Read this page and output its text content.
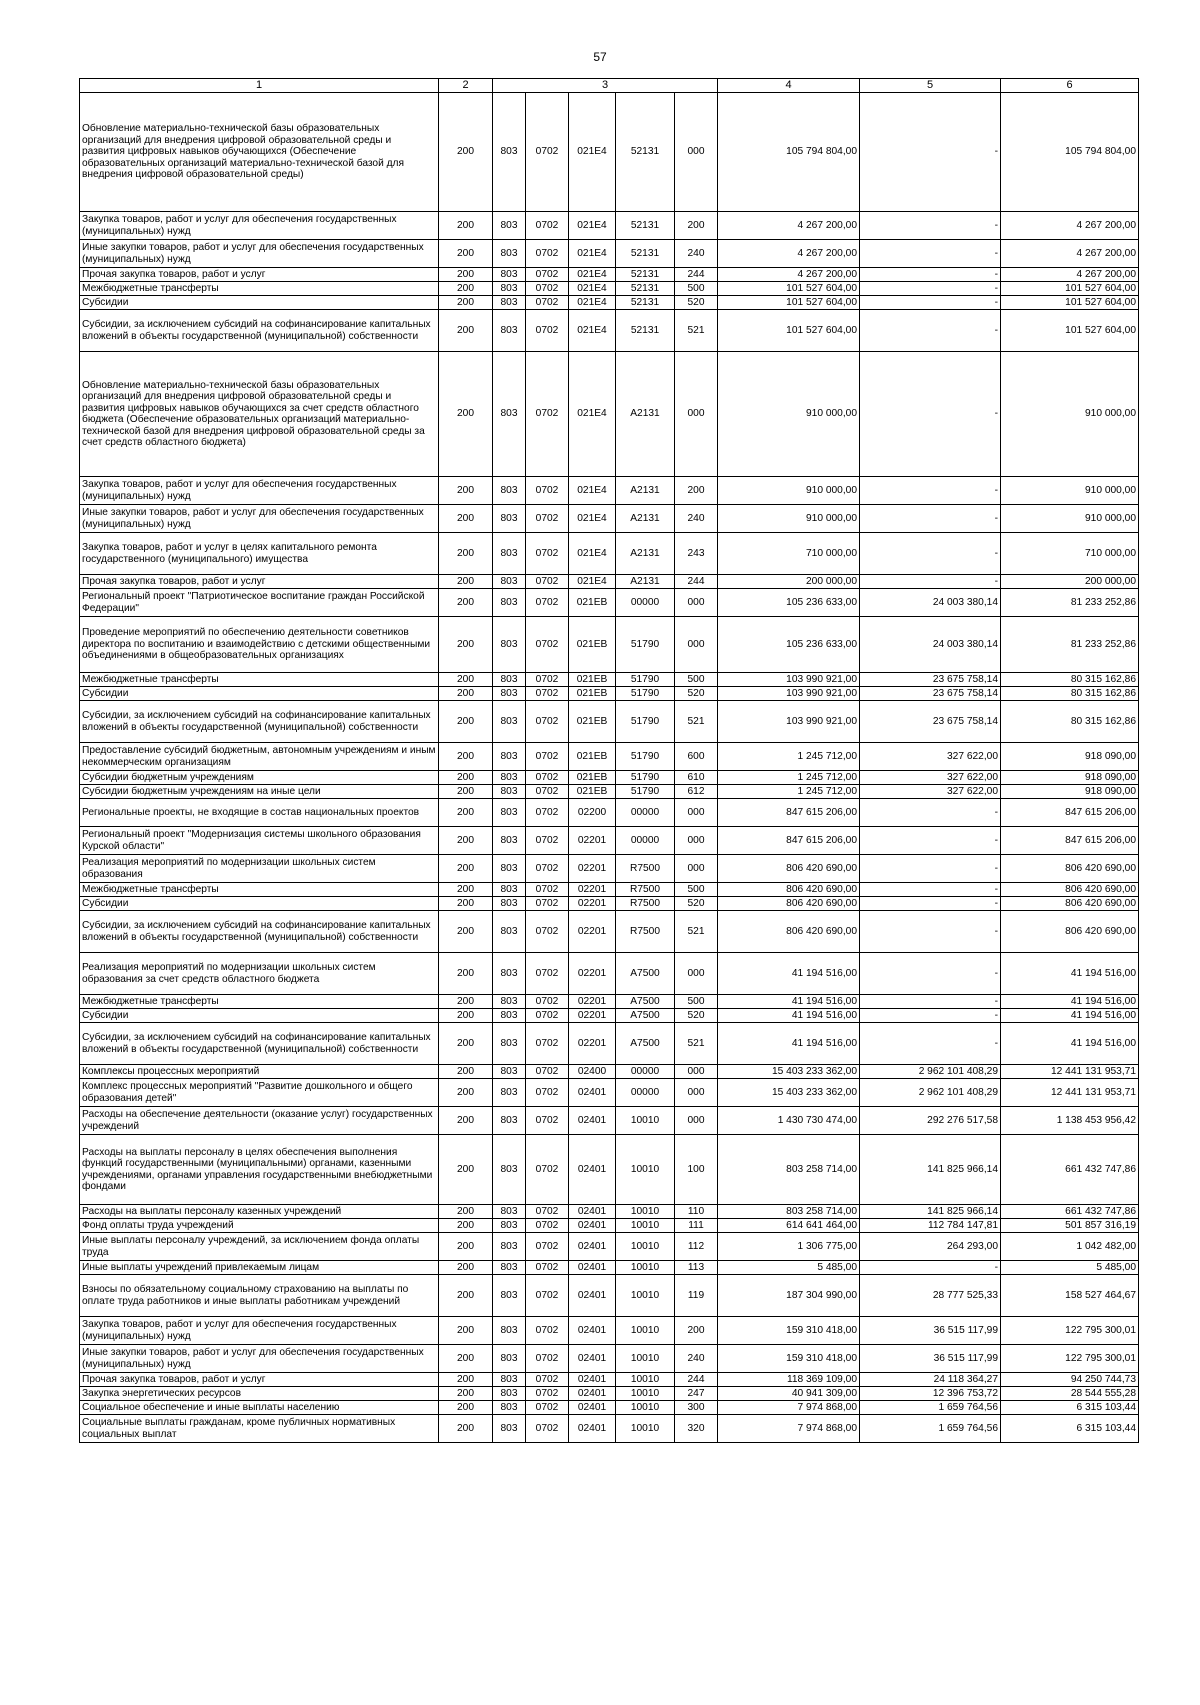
57
1	2	3					4	5	6
Обновление материально-технической базы образовательных организаций для внедрения цифровой образовательной среды и развития цифровых навыков обучающихся (Обеспечение образовательных организаций материально-технической базой для внедрения цифровой образовательной среды)	200	803	0702	021E4	52131	000	105 794 804,00	-	105 794 804,00
Закупка товаров, работ и услуг для обеспечения государственных (муниципальных) нужд	200	803	0702	021E4	52131	200	4 267 200,00	-	4 267 200,00
Иные закупки товаров, работ и услуг для обеспечения государственных (муниципальных) нужд	200	803	0702	021E4	52131	240	4 267 200,00	-	4 267 200,00
Прочая закупка товаров, работ и услуг	200	803	0702	021E4	52131	244	4 267 200,00	-	4 267 200,00
Межбюджетные трансферты	200	803	0702	021E4	52131	500	101 527 604,00	-	101 527 604,00
Субсидии	200	803	0702	021E4	52131	520	101 527 604,00	-	101 527 604,00
Субсидии, за исключением субсидий на софинансирование капитальных вложений в объекты государственной (муниципальной) собственности	200	803	0702	021E4	52131	521	101 527 604,00	-	101 527 604,00
Обновление материально-технической базы образовательных организаций для внедрения цифровой образовательной среды и развития цифровых навыков обучающихся за счет средств областного бюджета (Обеспечение образовательных организаций материально-технической базой для внедрения цифровой образовательной среды за счет средств областного бюджета)	200	803	0702	021E4	A2131	000	910 000,00	-	910 000,00
Закупка товаров, работ и услуг для обеспечения государственных (муниципальных) нужд	200	803	0702	021E4	A2131	200	910 000,00	-	910 000,00
Иные закупки товаров, работ и услуг для обеспечения государственных (муниципальных) нужд	200	803	0702	021E4	A2131	240	910 000,00	-	910 000,00
Закупка товаров, работ и услуг в целях капитального ремонта государственного (муниципального) имущества	200	803	0702	021E4	A2131	243	710 000,00	-	710 000,00
Прочая закупка товаров, работ и услуг	200	803	0702	021E4	A2131	244	200 000,00	-	200 000,00
Региональный проект "Патриотическое воспитание граждан Российской Федерации"	200	803	0702	021EB	00000	000	105 236 633,00	24 003 380,14	81 233 252,86
Проведение мероприятий по обеспечению деятельности советников директора по воспитанию и взаимодействию с детскими общественными объединениями в общеобразовательных организациях	200	803	0702	021EB	51790	000	105 236 633,00	24 003 380,14	81 233 252,86
Межбюджетные трансферты	200	803	0702	021EB	51790	500	103 990 921,00	23 675 758,14	80 315 162,86
Субсидии	200	803	0702	021EB	51790	520	103 990 921,00	23 675 758,14	80 315 162,86
Субсидии, за исключением субсидий на софинансирование капитальных вложений в объекты государственной (муниципальной) собственности	200	803	0702	021EB	51790	521	103 990 921,00	23 675 758,14	80 315 162,86
Предоставление субсидий бюджетным, автономным учреждениям и иным некоммерческим организациям	200	803	0702	021EB	51790	600	1 245 712,00	327 622,00	918 090,00
Субсидии бюджетным учреждениям	200	803	0702	021EB	51790	610	1 245 712,00	327 622,00	918 090,00
Субсидии бюджетным учреждениям на иные цели	200	803	0702	021EB	51790	612	1 245 712,00	327 622,00	918 090,00
Региональные проекты, не входящие в состав национальных проектов	200	803	0702	02200	00000	000	847 615 206,00	-	847 615 206,00
Региональный проект "Модернизация системы школьного образования Курской области"	200	803	0702	02201	00000	000	847 615 206,00	-	847 615 206,00
Реализация мероприятий по модернизации школьных систем образования	200	803	0702	02201	R7500	000	806 420 690,00	-	806 420 690,00
Межбюджетные трансферты	200	803	0702	02201	R7500	500	806 420 690,00	-	806 420 690,00
Субсидии	200	803	0702	02201	R7500	520	806 420 690,00	-	806 420 690,00
Субсидии, за исключением субсидий на софинансирование капитальных вложений в объекты государственной (муниципальной) собственности	200	803	0702	02201	R7500	521	806 420 690,00	-	806 420 690,00
Реализация мероприятий по модернизации школьных систем образования за счет средств областного бюджета	200	803	0702	02201	A7500	000	41 194 516,00	-	41 194 516,00
Межбюджетные трансферты	200	803	0702	02201	A7500	500	41 194 516,00	-	41 194 516,00
Субсидии	200	803	0702	02201	A7500	520	41 194 516,00	-	41 194 516,00
Субсидии, за исключением субсидий на софинансирование капитальных вложений в объекты государственной (муниципальной) собственности	200	803	0702	02201	A7500	521	41 194 516,00	-	41 194 516,00
Комплексы процессных мероприятий	200	803	0702	02400	00000	000	15 403 233 362,00	2 962 101 408,29	12 441 131 953,71
Комплекс процессных мероприятий "Развитие дошкольного и общего образования детей"	200	803	0702	02401	00000	000	15 403 233 362,00	2 962 101 408,29	12 441 131 953,71
Расходы на обеспечение деятельности (оказание услуг) государственных учреждений	200	803	0702	02401	10010	000	1 430 730 474,00	292 276 517,58	1 138 453 956,42
Расходы на выплаты персоналу в целях обеспечения выполнения функций государственными (муниципальными) органами, казенными учреждениями, органами управления государственными внебюджетными фондами	200	803	0702	02401	10010	100	803 258 714,00	141 825 966,14	661 432 747,86
Расходы на выплаты персоналу казенных учреждений	200	803	0702	02401	10010	110	803 258 714,00	141 825 966,14	661 432 747,86
Фонд оплаты труда учреждений	200	803	0702	02401	10010	111	614 641 464,00	112 784 147,81	501 857 316,19
Иные выплаты персоналу учреждений, за исключением фонда оплаты труда	200	803	0702	02401	10010	112	1 306 775,00	264 293,00	1 042 482,00
Иные выплаты учреждений привлекаемым лицам	200	803	0702	02401	10010	113	5 485,00	-	5 485,00
Взносы по обязательному социальному страхованию на выплаты по оплате труда работников и иные выплаты работникам учреждений	200	803	0702	02401	10010	119	187 304 990,00	28 777 525,33	158 527 464,67
Закупка товаров, работ и услуг для обеспечения государственных (муниципальных) нужд	200	803	0702	02401	10010	200	159 310 418,00	36 515 117,99	122 795 300,01
Иные закупки товаров, работ и услуг для обеспечения государственных (муниципальных) нужд	200	803	0702	02401	10010	240	159 310 418,00	36 515 117,99	122 795 300,01
Прочая закупка товаров, работ и услуг	200	803	0702	02401	10010	244	118 369 109,00	24 118 364,27	94 250 744,73
Закупка энергетических ресурсов	200	803	0702	02401	10010	247	40 941 309,00	12 396 753,72	28 544 555,28
Социальное обеспечение и иные выплаты населению	200	803	0702	02401	10010	300	7 974 868,00	1 659 764,56	6 315 103,44
Социальные выплаты гражданам, кроме публичных нормативных социальных выплат	200	803	0702	02401	10010	320	7 974 868,00	1 659 764,56	6 315 103,44
